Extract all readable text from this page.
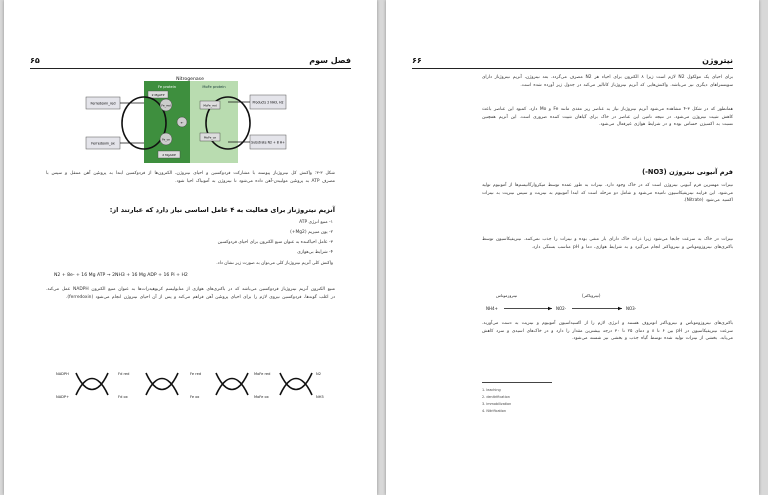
۶۵	فصل سوم
Nitrogenase
Fe protein	MoFe protein
Ferredoxin_red
Ferredoxin_ox
Products 2 NH3, H2
Substrate N2 + 8 H+
2 MgATP
2 MgADP
Fe_red
Fe_ox
e-
MoFe_red
MoFe_ox
شکل ۳-۳: واکنش کل نیتروژناز پیوسته با مشارکت فردوکسین و احیای نیتروژن، الکترون‌ها از فردوکسین ابتدا به پروتئین آهن منتقل و سپس با مصرف ATP به پروتئین مولیبدن-آهن داده می‌شود تا نیتروژن به آمونیاک احیا شود.
آنزیم نیتروژناز برای فعالیت به ۴ عامل اساسی نیاز دارد که عبارتند از:
۱- منبع انرژی ATP
۲- یون منیزیم (Mg2+)
۳- عامل احیاکننده به عنوان منبع الکترون برای احیای فردوکسین
۴- شرایط بی‌هوازی
واکنش کلی آنزیم نیتروژناز کلی می‌توان به صورت زیر نشان داد.
N2 + 8e- + 16 Mg ATP → 2NH3 + 16 Mg ADP + 16 Pi + H2
منبع الکترون آنزیم نیتروژناز فردوکسین می‌باشد که در باکتری‌های هوازی از متابولیسم کربوهیدرات‌ها به عنوان منبع الکترون NADPH عمل می‌کند. در اغلب گونه‌ها، فردوکسین نیروی لازم را برای احیای پروتئین آهن فراهم می‌کند و پس از آن احیای نیتروژن انجام می‌شود (ferredoxin).
NADPH
NADP+
Fd red
Fd ox
Fe red
Fe ox
MoFe red
MoFe ox
N2
NH3
۶۶	نیتروژن
برای احیای یک مولکول N2 لازم است زیرا ۸ الکترون برای احیاء هر N2 مصرف می‌گردد. بعد نیتروژن، آنزیم نیتروژناز دارای سوبستراهای دیگری نیز می‌باشد. واکنش‌هایی که آنزیم نیتروژناز کاتالیز می‌کند در جدول زیر آورده شده است.
همانطور که در شکل ۳-۴ مشاهده می‌شود آنزیم نیتروژناز نیاز به عناصر ریز مغذی مانند Fe و Mo دارد. کمبود این عناصر باعث کاهش تثبیت نیتروژن می‌شود. در نتیجه تامین این عناصر در خاک برای گیاهان تثبیت کننده ضروری است. این آنزیم همچنین نسبت به اکسیژن حساس بوده و در شرایط هوازی غیرفعال می‌شود.
فرم آنیونی نیتروژن (NO3-)
نیترات مهمترین فرم آنیونی نیتروژن است که در خاک وجود دارد. نیترات به طور عمده توسط میکروارگانیسم‌ها از آمونیوم تولید می‌شود. این فرایند نیتریفیکاسیون نامیده می‌شود و شامل دو مرحله است که ابتدا آمونیوم به نیتریت و سپس نیتریت به نیترات اکسید می‌شود (Nitrate).
نیترات در خاک به سرعت جابجا می‌شود زیرا ذرات خاک دارای بار منفی بوده و نیترات را جذب نمی‌کنند. نیتریفیکاسیون توسط باکتری‌های نیتروزوموناس و نیتروباکتر انجام می‌گیرد و به شرایط هوازی، دما و pH مناسب بستگی دارد.
نیتروزموناس	(نیتروباکتر)
NH4+	NO2-	NO3-
باکتری‌های نیتروزوموناس و نیتروباکتر اتوتروف هستند و انرژی لازم را از اکسیداسیون آمونیوم و نیتریت به دست می‌آورند. سرعت نیتریفیکاسیون در pH بین ۶ تا ۸ و دمای ۲۵ تا ۳۰ درجه بیشترین مقدار را دارد و در خاک‌های اسیدی و سرد کاهش می‌یابد. بخشی از نیترات تولید شده توسط گیاه جذب و بخشی نیز شسته می‌شود.
1. leaching
2. denitrification
3. immobilization
4. Nitrification
